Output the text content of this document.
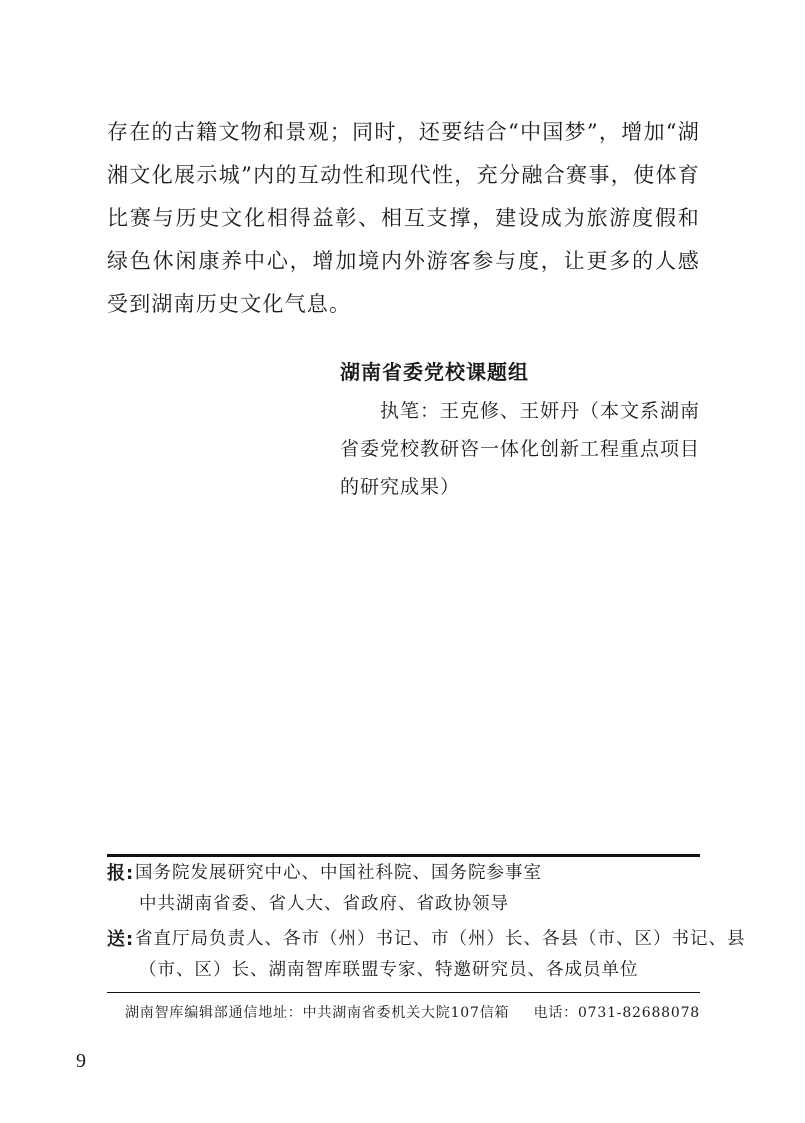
存在的古籍文物和景观；同时，还要结合“中国梦”，增加“湖湘文化展示城”内的互动性和现代性，充分融合赛事，使体育比赛与历史文化相得益彰、相互支撑，建设成为旅游度假和绿色休闲康养中心，增加境内外游客参与度，让更多的人感受到湖南历史文化气息。

湖南省委党校课题组

执笔：王克修、王妍丹（本文系湖南省委党校教研咨一体化创新工程重点项目的研究成果）

报: 国务院发展研究中心、中国社科院、国务院参事室
中共湖南省委、省人大、省政府、省政协领导
送: 省直厅局负责人、各市（州）书记、市（州）长、各县（市、区）书记、县
（市、区）长、湖南智库联盟专家、特邀研究员、各成员单位
湖南智库编辑部通信地址：中共湖南省委机关大院107信箱 电话：0731-82688078
9
